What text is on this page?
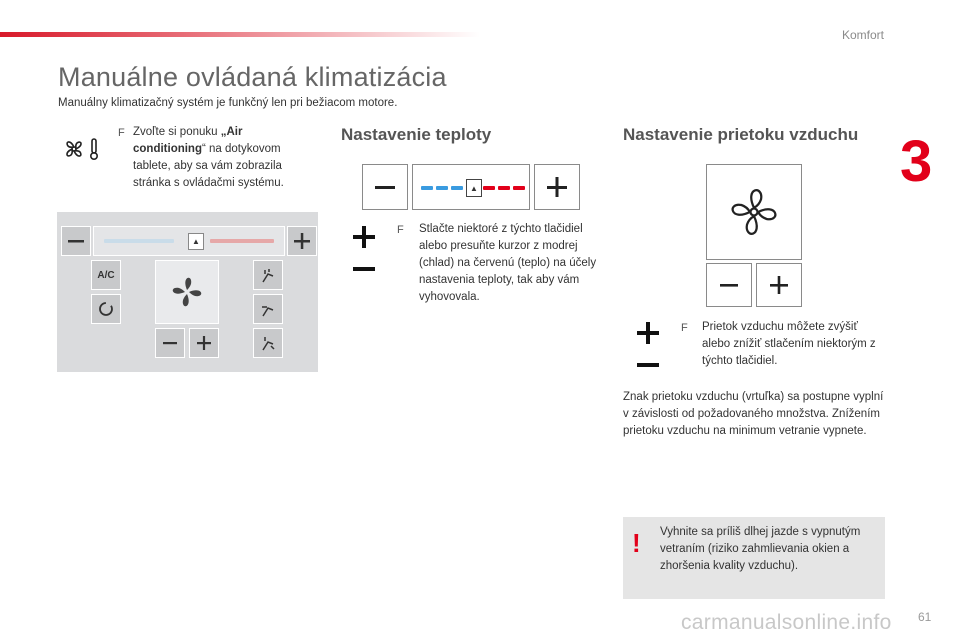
Komfort
3
Manuálne ovládaná klimatizácia
Manuálny klimatizačný systém je funkčný len pri bežiacom motore.
F Zvoľte si ponuku „Air conditioning“ na dotykovom tablete, aby sa vám zobrazila stránka s ovládačmi systému.
▲
A/C
Nastavenie teploty
▲
F Stlačte niektoré z týchto tlačidiel alebo presuňte kurzor z modrej (chlad) na červenú (teplo) na účely nastavenia teploty, tak aby vám vyhovovala.
Nastavenie prietoku vzduchu
F Prietok vzduchu môžete zvýšiť alebo znížiť stlačením niektorým z týchto tlačidiel.
Znak prietoku vzduchu (vrtuľka) sa postupne vyplní v závislosti od požadovaného množstva. Znížením prietoku vzduchu na minimum vetranie vypnete.
! Vyhnite sa príliš dlhej jazde s vypnutým vetraním (riziko zahmlievania okien a zhoršenia kvality vzduchu).
carmanualsonline.info 61
